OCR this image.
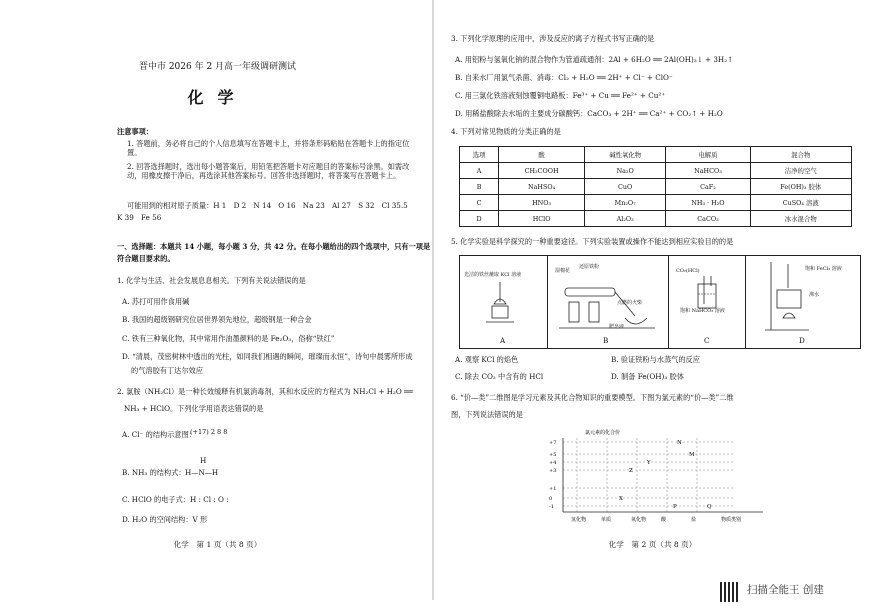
晋中市 2026 年 2 月高一年级调研测试
化学
注意事项：
1. 答题前，务必将自己的个人信息填写在答题卡上，并将条形码粘贴在答题卡上的指定位置。
2. 回答选择题时，选出每小题答案后，用铅笔把答题卡对应题目的答案标号涂黑。如需改动，用橡皮擦干净后，再选涂其他答案标号。回答非选择题时，将答案写在答题卡上。
可能用到的相对原子质量：H 1　D 2　N 14　O 16　Na 23　Al 27　S 32　Cl 35.5
K 39　Fe 56
一、选择题：本题共 14 小题，每小题 3 分，共 42 分。在每小题给出的四个选项中，只有一项是
符合题目要求的。
1. 化学与生活、社会发展息息相关。下列有关说法错误的是
A. 苏打可用作食用碱
B. 我国的超级钢研究位居世界领先地位，超级钢是一种合金
C. 铁有三种氧化物，其中常用作油墨颜料的是 Fe₂O₃，俗称“铁红”
D. “清晨，茂密树林中透出的光柱，如同我们相遇的瞬间，璀璨而永恒”，诗句中晨雾所形成
的气溶胶有丁达尔效应
2. 氯胺（NH₂Cl）是一种长效缓释有机氯消毒剂，其和水反应的方程式为 NH₂Cl + H₂O ══
NH₃ + HClO。下列化学用语表达错误的是
A. Cl⁻ 的结构示意图：
(+17) 2 8 8
H
B. NH₃ 的结构式： H—N—H
C. HClO 的电子式：H : Cl : O :
D. H₂O 的空间结构：V 形
化学　第 1 页（共 8 页）
3. 下列化学原理的应用中，涉及反应的离子方程式书写正确的是
A. 用铝粉与氢氧化钠的混合物作为管道疏通剂：2Al + 6H₂O ══ 2Al(OH)₃↓ + 3H₂↑
B. 自来水厂用氯气杀菌、消毒：Cl₂ + H₂O ══ 2H⁺ + Cl⁻ + ClO⁻
C. 用三氯化铁溶液刻蚀覆铜电路板：Fe³⁺ + Cu ══ Fe²⁺ + Cu²⁺
D. 用稀盐酸除去水垢的主要成分碳酸钙：CaCO₃ + 2H⁺ ══ Ca²⁺ + CO₂↑ + H₂O
4. 下列对常见物质的分类正确的是
选项	酸	碱性氧化物	电解质	混合物
A	CH₃COOH	Na₂O	NaHCO₃	洁净的空气
B	NaHSO₄	CuO	CaF₂	Fe(OH)₃ 胶体
C	HNO₃	Mn₂O₇	NH₃ · H₂O	CuSO₄ 溶液
D	HClO	Al₂O₃	CaCO₃	冰水混合物
5. 化学实验是科学探究的一种重要途径。下列实验装置或操作不能达到相应实验目的的是
光洁的铁丝蘸取 KCl 溶液
A
湿棉花
还原铁粉
点燃的火柴
肥皂液
B
CO₂(HCl)
饱和 NaHCO₃ 溶液
C
饱和 FeCl₃ 溶液
沸水
D
A. 观察 KCl 的焰色	B. 验证铁粉与水蒸气的反应
C. 除去 CO₂ 中含有的 HCl	D. 制备 Fe(OH)₃ 胶体
6. “价—类”二维图是学习元素及其化合物知识的重要模型。下图为氯元素的“价—类”二维
图，下列说法错误的是
氯元素的化合价
+7
+5
+4
+3
+1
0
-1
氢化物	单质	氧化物	酸	盐	物质类别
N
M
Y
Z
X
P	Q
化学　第 2 页（共 8 页）
扫描全能王 创建
